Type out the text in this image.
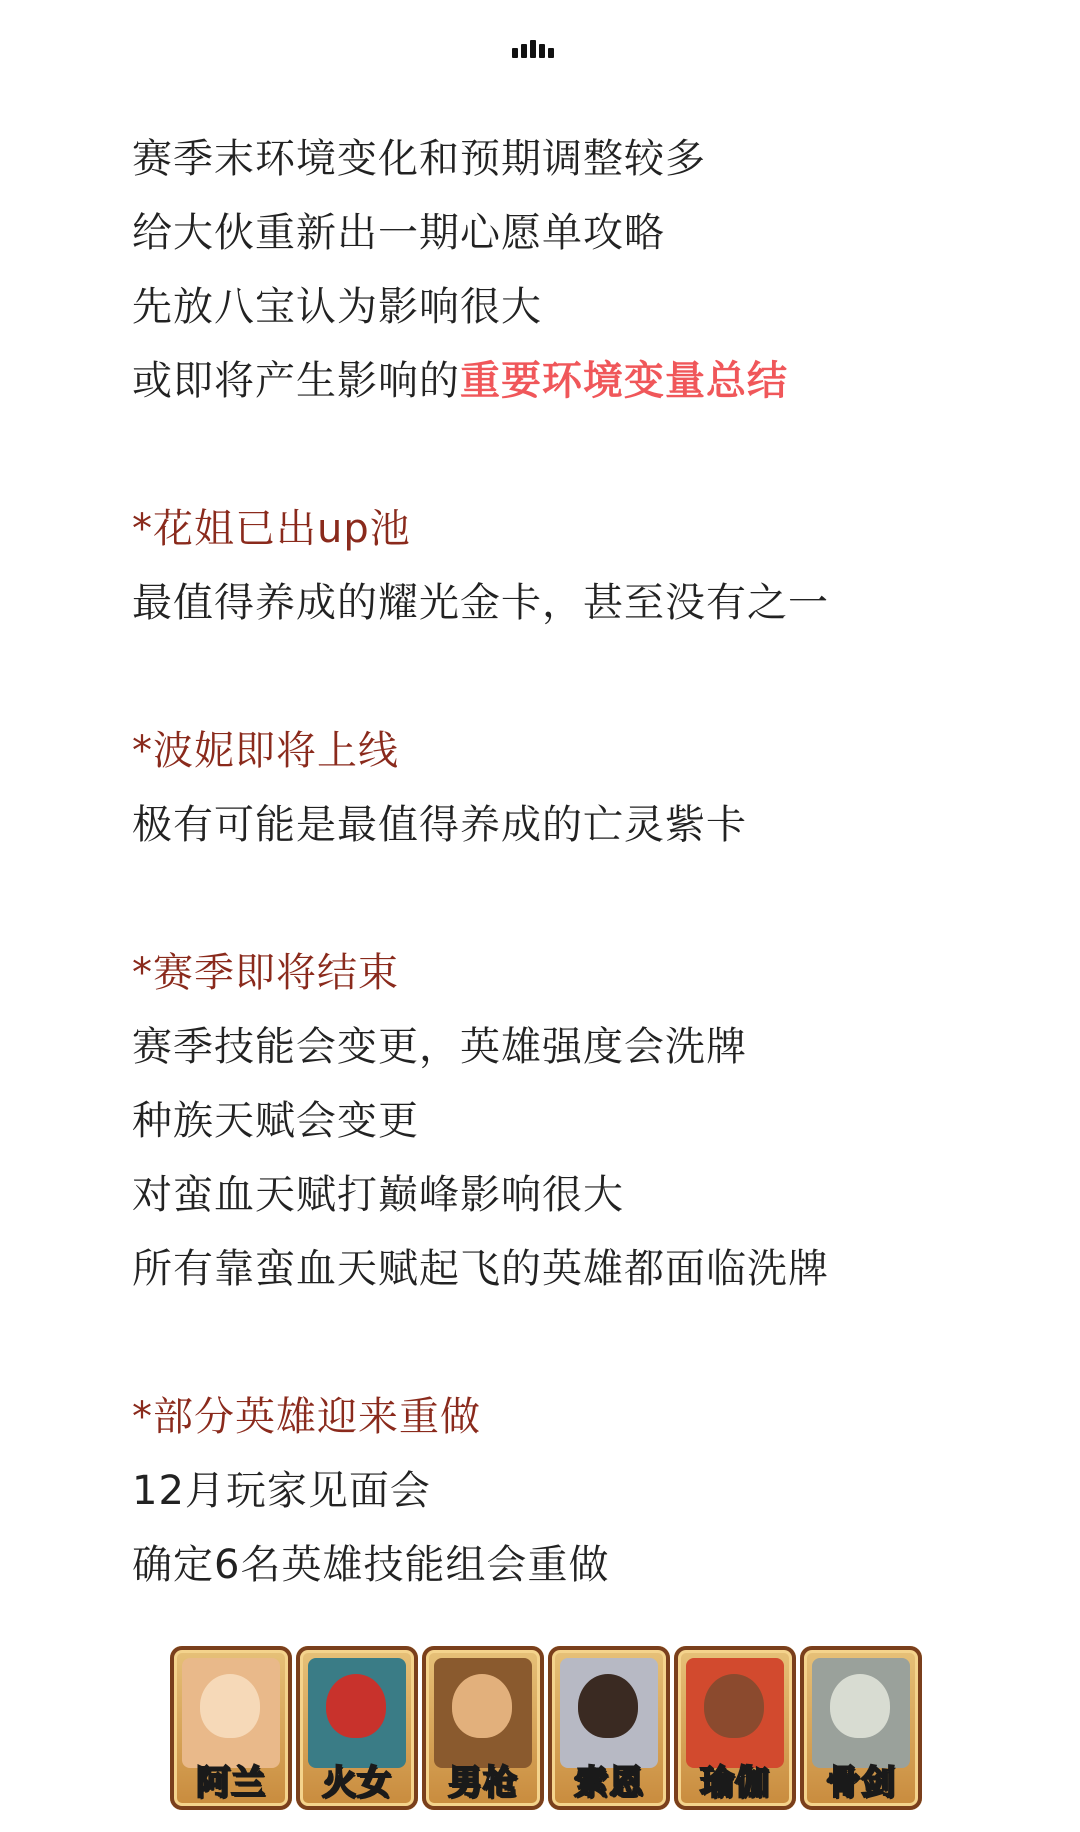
赛季末环境变化和预期调整较多
给大伙重新出一期心愿单攻略
先放八宝认为影响很大
或即将产生影响的重要环境变量总结
*花姐已出up池
最值得养成的耀光金卡，甚至没有之一
*波妮即将上线
极有可能是最值得养成的亡灵紫卡
*赛季即将结束
赛季技能会变更，英雄强度会洗牌
种族天赋会变更
对蛮血天赋打巅峰影响很大
所有靠蛮血天赋起飞的英雄都面临洗牌
*部分英雄迎来重做
12月玩家见面会
确定6名英雄技能组会重做
阿兰	火女	男枪	索恩	瑜伽	骨剑
